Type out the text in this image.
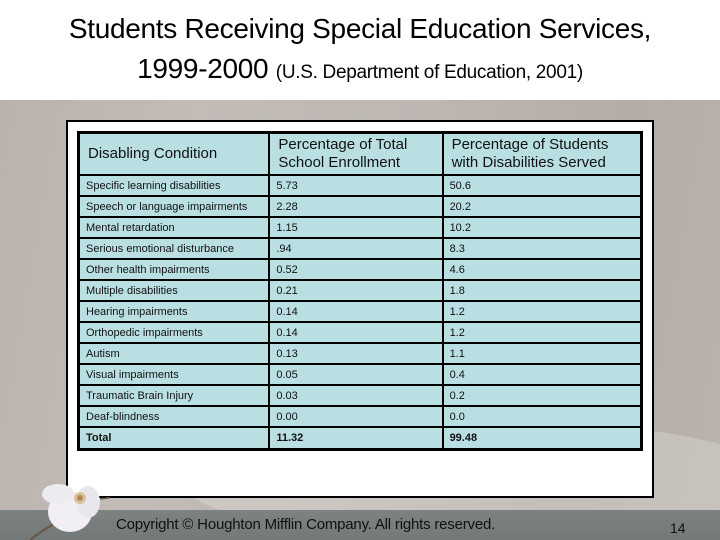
Students Receiving Special Education Services,
1999-2000 (U.S. Department of Education, 2001)
Disabling Condition	Percentage of Total School Enrollment	Percentage of Students with Disabilities Served
Specific learning disabilities	5.73	50.6
Speech or language impairments	2.28	20.2
Mental retardation	1.15	10.2
Serious emotional disturbance	.94	8.3
Other health impairments	0.52	4.6
Multiple disabilities	0.21	1.8
Hearing impairments	0.14	1.2
Orthopedic impairments	0.14	1.2
Autism	0.13	1.1
Visual impairments	0.05	0.4
Traumatic Brain Injury	0.03	0.2
Deaf-blindness	0.00	0.0
Total	11.32	99.48
Copyright © Houghton Mifflin Company. All rights reserved.	14
